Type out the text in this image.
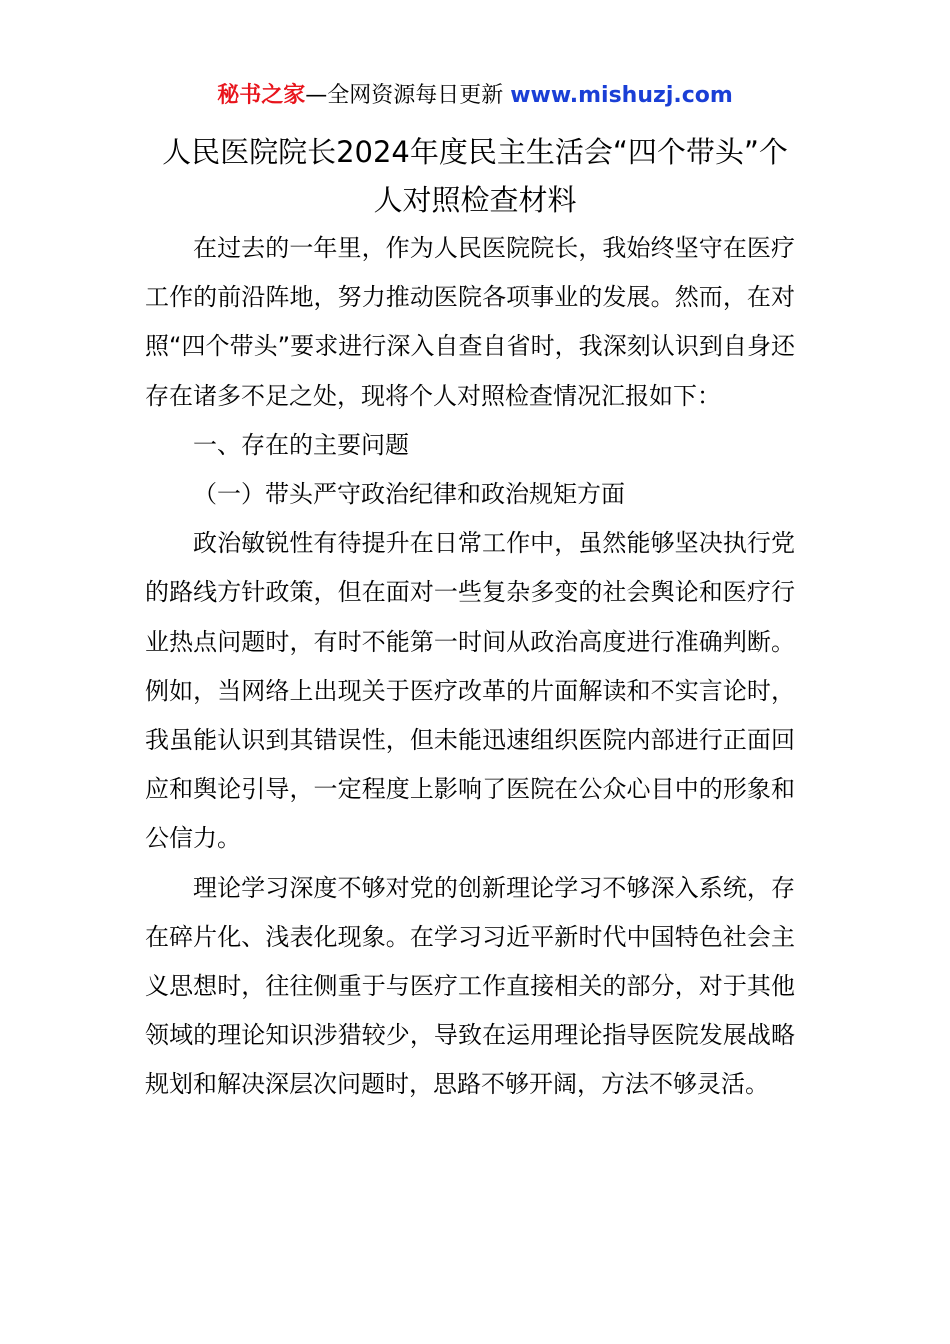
秘书之家—全网资源每日更新 www.mishuzj.com
人民医院院长2024年度民主生活会“四个带头”个人对照检查材料

在过去的一年里，作为人民医院院长，我始终坚守在医疗工作的前沿阵地，努力推动医院各项事业的发展。然而，在对照“四个带头”要求进行深入自查自省时，我深刻认识到自身还存在诸多不足之处，现将个人对照检查情况汇报如下：

一、存在的主要问题

（一）带头严守政治纪律和政治规矩方面

政治敏锐性有待提升在日常工作中，虽然能够坚决执行党的路线方针政策，但在面对一些复杂多变的社会舆论和医疗行业热点问题时，有时不能第一时间从政治高度进行准确判断。例如，当网络上出现关于医疗改革的片面解读和不实言论时，我虽能认识到其错误性，但未能迅速组织医院内部进行正面回应和舆论引导，一定程度上影响了医院在公众心目中的形象和公信力。

理论学习深度不够对党的创新理论学习不够深入系统，存在碎片化、浅表化现象。在学习习近平新时代中国特色社会主义思想时，往往侧重于与医疗工作直接相关的部分，对于其他领域的理论知识涉猎较少，导致在运用理论指导医院发展战略规划和解决深层次问题时，思路不够开阔，方法不够灵活。
